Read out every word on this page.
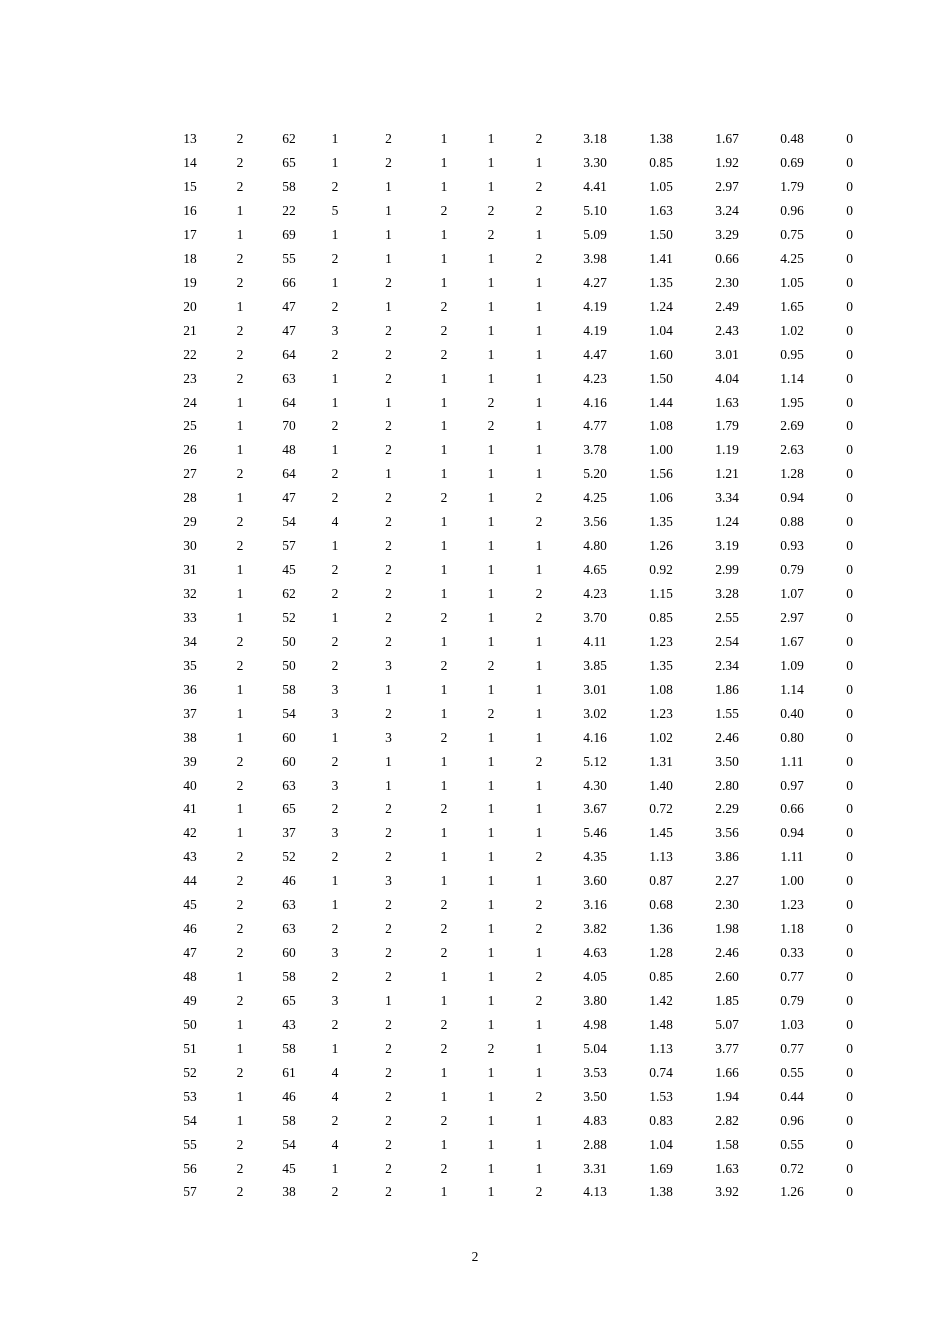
13	2	62	1	2	1	1	2	3.18	1.38	1.67	0.48	0
14	2	65	1	2	1	1	1	3.30	0.85	1.92	0.69	0
15	2	58	2	1	1	1	2	4.41	1.05	2.97	1.79	0
16	1	22	5	1	2	2	2	5.10	1.63	3.24	0.96	0
17	1	69	1	1	1	2	1	5.09	1.50	3.29	0.75	0
18	2	55	2	1	1	1	2	3.98	1.41	0.66	4.25	0
19	2	66	1	2	1	1	1	4.27	1.35	2.30	1.05	0
20	1	47	2	1	2	1	1	4.19	1.24	2.49	1.65	0
21	2	47	3	2	2	1	1	4.19	1.04	2.43	1.02	0
22	2	64	2	2	2	1	1	4.47	1.60	3.01	0.95	0
23	2	63	1	2	1	1	1	4.23	1.50	4.04	1.14	0
24	1	64	1	1	1	2	1	4.16	1.44	1.63	1.95	0
25	1	70	2	2	1	2	1	4.77	1.08	1.79	2.69	0
26	1	48	1	2	1	1	1	3.78	1.00	1.19	2.63	0
27	2	64	2	1	1	1	1	5.20	1.56	1.21	1.28	0
28	1	47	2	2	2	1	2	4.25	1.06	3.34	0.94	0
29	2	54	4	2	1	1	2	3.56	1.35	1.24	0.88	0
30	2	57	1	2	1	1	1	4.80	1.26	3.19	0.93	0
31	1	45	2	2	1	1	1	4.65	0.92	2.99	0.79	0
32	1	62	2	2	1	1	2	4.23	1.15	3.28	1.07	0
33	1	52	1	2	2	1	2	3.70	0.85	2.55	2.97	0
34	2	50	2	2	1	1	1	4.11	1.23	2.54	1.67	0
35	2	50	2	3	2	2	1	3.85	1.35	2.34	1.09	0
36	1	58	3	1	1	1	1	3.01	1.08	1.86	1.14	0
37	1	54	3	2	1	2	1	3.02	1.23	1.55	0.40	0
38	1	60	1	3	2	1	1	4.16	1.02	2.46	0.80	0
39	2	60	2	1	1	1	2	5.12	1.31	3.50	1.11	0
40	2	63	3	1	1	1	1	4.30	1.40	2.80	0.97	0
41	1	65	2	2	2	1	1	3.67	0.72	2.29	0.66	0
42	1	37	3	2	1	1	1	5.46	1.45	3.56	0.94	0
43	2	52	2	2	1	1	2	4.35	1.13	3.86	1.11	0
44	2	46	1	3	1	1	1	3.60	0.87	2.27	1.00	0
45	2	63	1	2	2	1	2	3.16	0.68	2.30	1.23	0
46	2	63	2	2	2	1	2	3.82	1.36	1.98	1.18	0
47	2	60	3	2	2	1	1	4.63	1.28	2.46	0.33	0
48	1	58	2	2	1	1	2	4.05	0.85	2.60	0.77	0
49	2	65	3	1	1	1	2	3.80	1.42	1.85	0.79	0
50	1	43	2	2	2	1	1	4.98	1.48	5.07	1.03	0
51	1	58	1	2	2	2	1	5.04	1.13	3.77	0.77	0
52	2	61	4	2	1	1	1	3.53	0.74	1.66	0.55	0
53	1	46	4	2	1	1	2	3.50	1.53	1.94	0.44	0
54	1	58	2	2	2	1	1	4.83	0.83	2.82	0.96	0
55	2	54	4	2	1	1	1	2.88	1.04	1.58	0.55	0
56	2	45	1	2	2	1	1	3.31	1.69	1.63	0.72	0
57	2	38	2	2	1	1	2	4.13	1.38	3.92	1.26	0
2
